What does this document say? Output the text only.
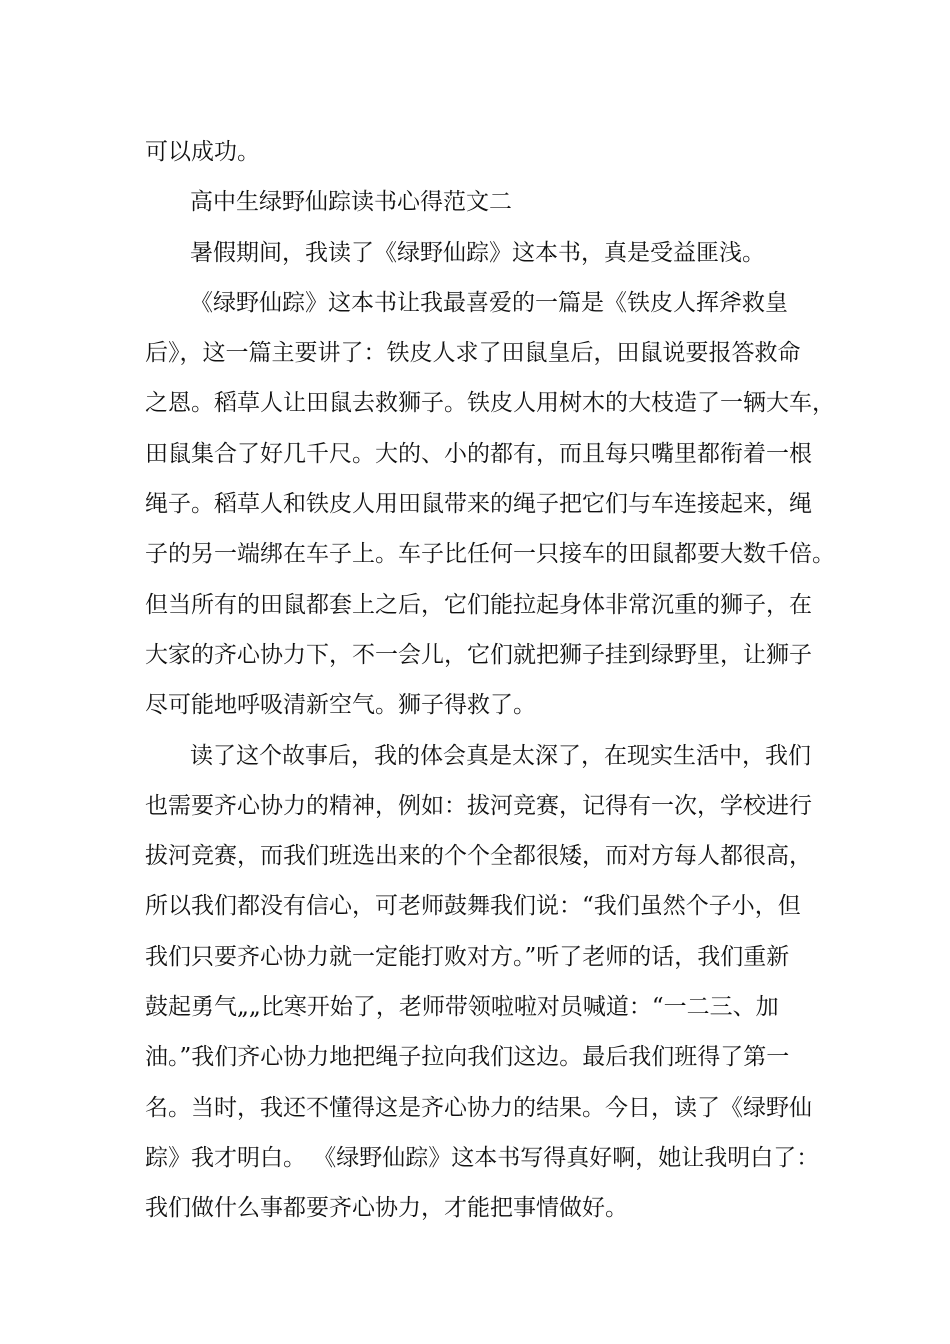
可以成功。
高中生绿野仙踪读书心得范文二
暑假期间，我读了《绿野仙踪》这本书，真是受益匪浅。
《绿野仙踪》这本书让我最喜爱的一篇是《铁皮人挥斧救皇
后》，这一篇主要讲了：铁皮人求了田鼠皇后，田鼠说要报答救命
之恩。稻草人让田鼠去救狮子。铁皮人用树木的大枝造了一辆大车，
田鼠集合了好几千尺。大的、小的都有，而且每只嘴里都衔着一根
绳子。稻草人和铁皮人用田鼠带来的绳子把它们与车连接起来，绳
子的另一端绑在车子上。车子比任何一只接车的田鼠都要大数千倍。
但当所有的田鼠都套上之后，它们能拉起身体非常沉重的狮子，在
大家的齐心协力下，不一会儿，它们就把狮子挂到绿野里，让狮子
尽可能地呼吸清新空气。狮子得救了。
读了这个故事后，我的体会真是太深了，在现实生活中，我们
也需要齐心协力的精神，例如：拔河竞赛，记得有一次，学校进行
拔河竞赛，而我们班选出来的个个全都很矮，而对方每人都很高，
所以我们都没有信心，可老师鼓舞我们说：“我们虽然个子小，但
我们只要齐心协力就一定能打败对方。”听了老师的话，我们重新
鼓起勇气„„比寒开始了，老师带领啦啦对员喊道：“一二三、加
油。”我们齐心协力地把绳子拉向我们这边。最后我们班得了第一
名。当时，我还不懂得这是齐心协力的结果。今日，读了《绿野仙
踪》我才明白。 《绿野仙踪》这本书写得真好啊，她让我明白了：
我们做什么事都要齐心协力，才能把事情做好。
